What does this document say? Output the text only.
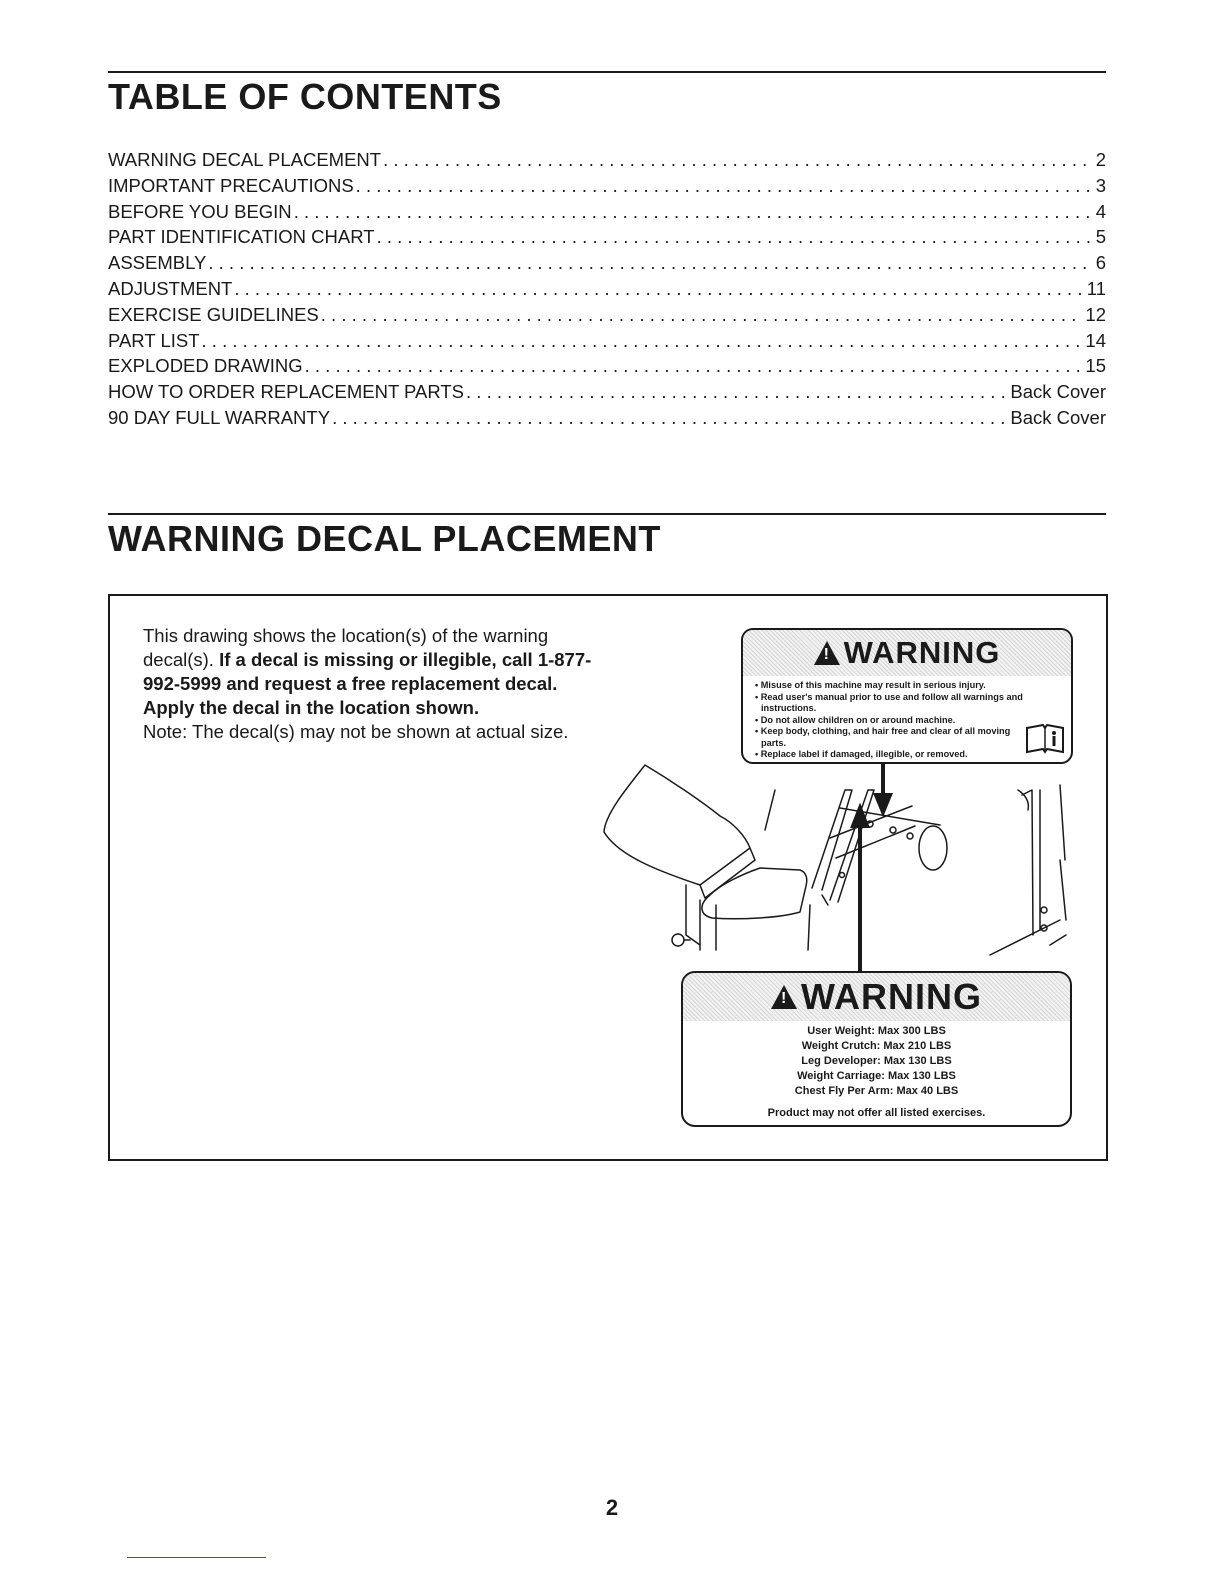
TABLE OF CONTENTS
WARNING DECAL PLACEMENT . . .	2
IMPORTANT PRECAUTIONS . . .	3
BEFORE YOU BEGIN . . .	4
PART IDENTIFICATION CHART . . .	5
ASSEMBLY . . .	6
ADJUSTMENT . . .	11
EXERCISE GUIDELINES . . .	12
PART LIST . . .	14
EXPLODED DRAWING . . .	15
HOW TO ORDER REPLACEMENT PARTS . . .	Back Cover
90 DAY FULL WARRANTY . . .	Back Cover
WARNING DECAL PLACEMENT

This drawing shows the location(s) of the warning decal(s). If a decal is missing or illegible, call 1-877-992-5999 and request a free replacement decal. Apply the decal in the location shown.
Note: The decal(s) may not be shown at actual size.

!
WARNING
• Misuse of this machine may result in serious injury.
• Read user's manual prior to use and follow all warnings and instructions.
• Do not allow children on or around machine.
• Keep body, clothing, and hair free and clear of all moving parts.
• Replace label if damaged, illegible, or removed.
!
WARNING
User Weight: Max 300 LBS
Weight Crutch: Max 210 LBS
Leg Developer: Max 130 LBS
Weight Carriage: Max 130 LBS
Chest Fly Per Arm: Max 40 LBS
Product may not offer all listed exercises.
2
